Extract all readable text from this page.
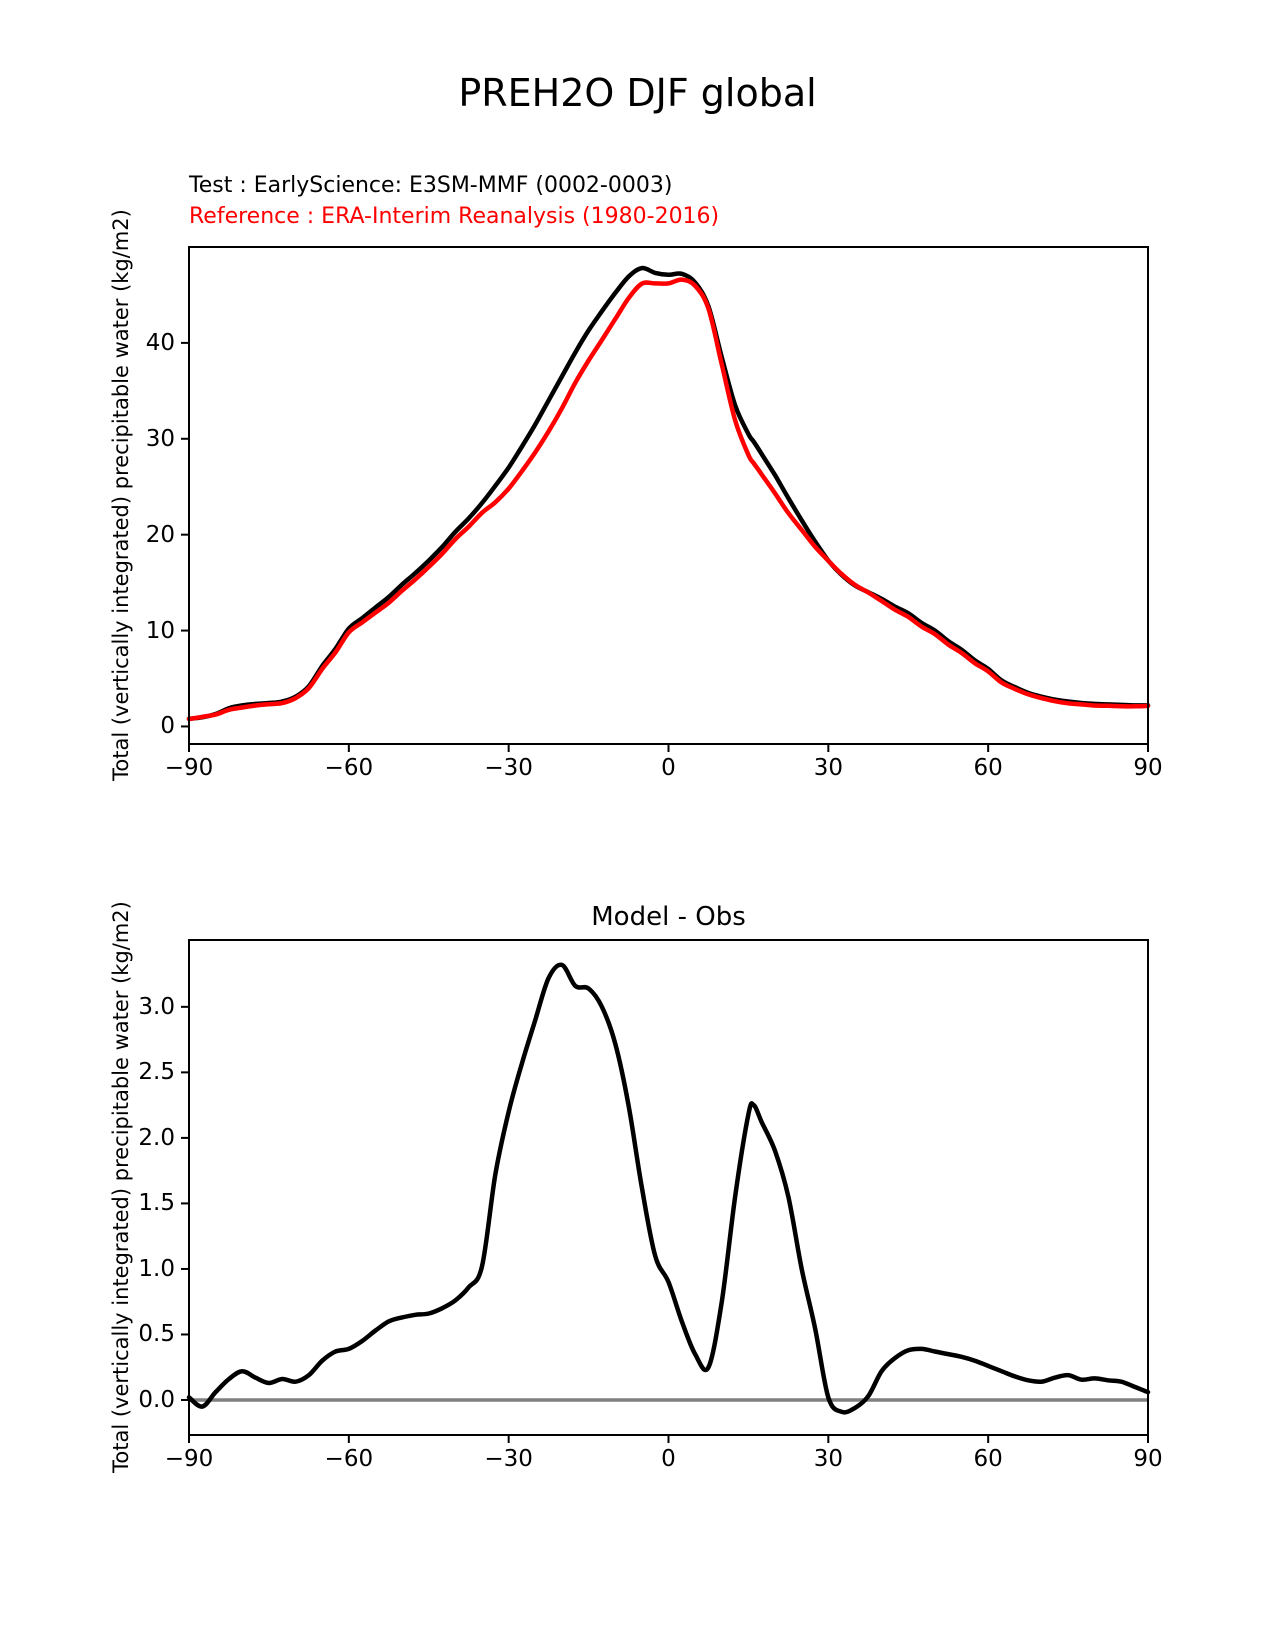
PREH2O DJF global
Test : EarlyScience: E3SM-MMF (0002-0003)
Reference : ERA-Interim Reanalysis (1980-2016)
Total (vertically integrated) precipitable water (kg/m2)
Model - Obs
Total (vertically integrated) precipitable water (kg/m2)
−90	−60	−30	0	30	60	90
0
10
20
30
40
−90	−60	−30	0	30	60	90
0.0
0.5
1.0
1.5
2.0
2.5
3.0
